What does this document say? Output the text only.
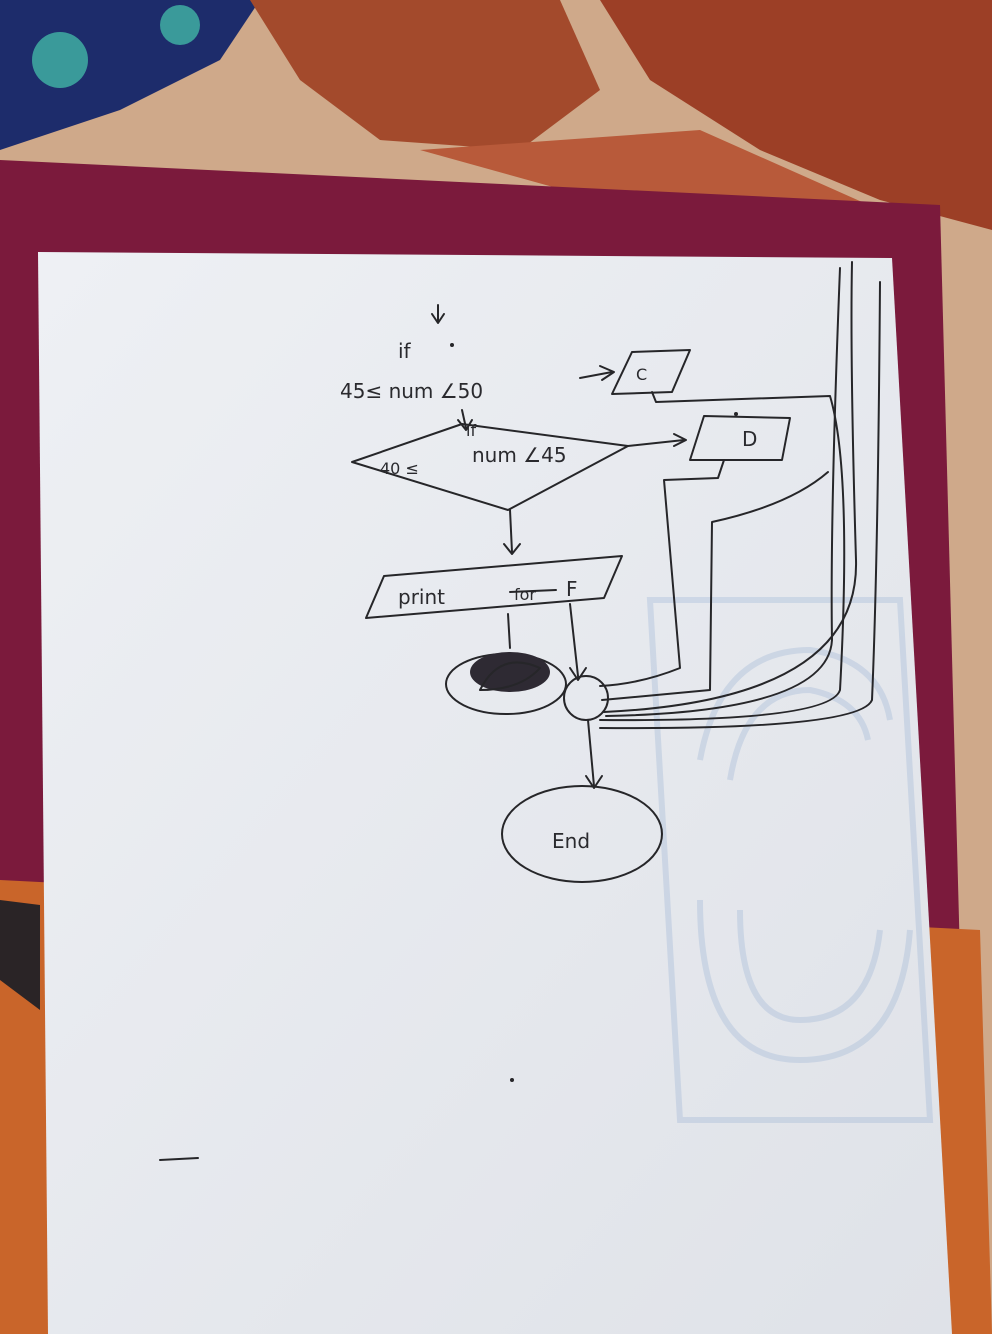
if
45≤ num ∠50
C
if
40 ≤
num ∠45
D
print	for F
End
